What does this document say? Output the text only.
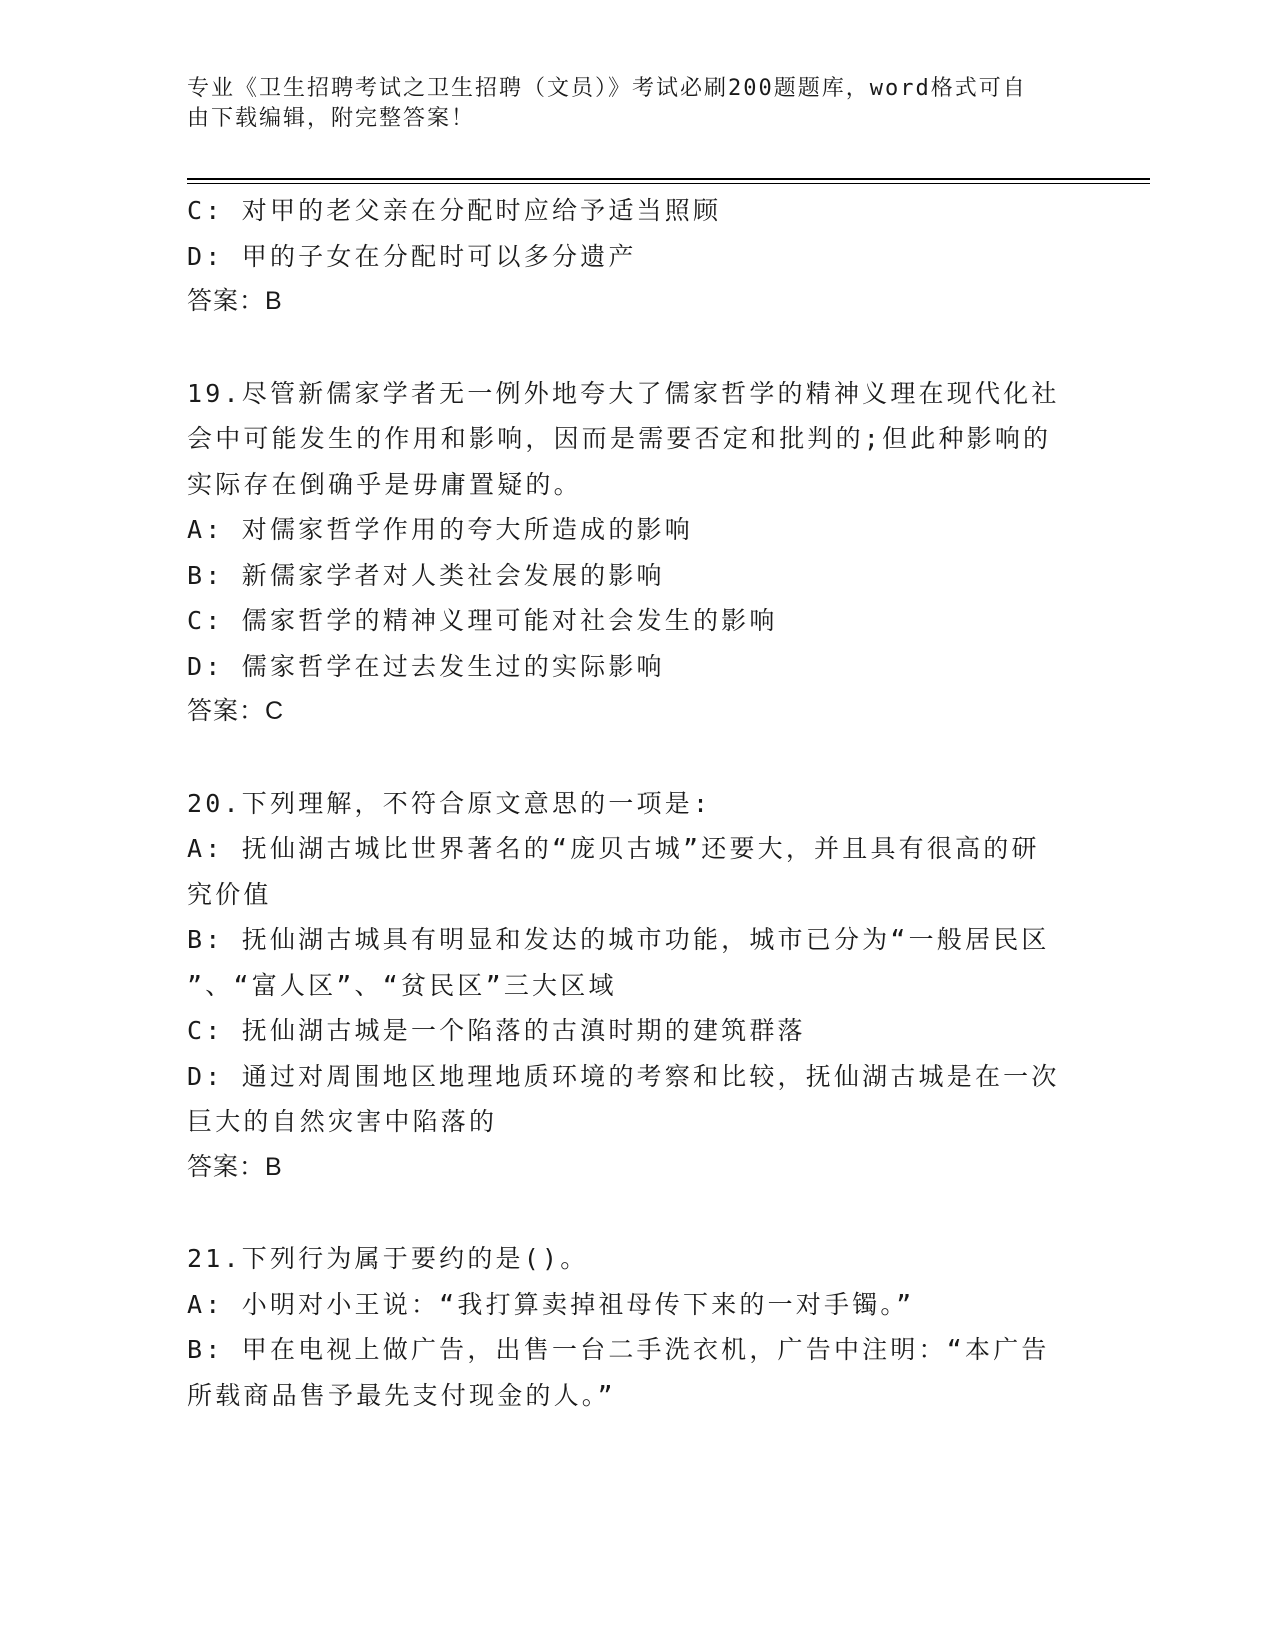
专业《卫生招聘考试之卫生招聘（文员）》考试必刷200题题库，word格式可自
由下载编辑，附完整答案！
C: 对甲的老父亲在分配时应给予适当照顾
D: 甲的子女在分配时可以多分遗产
答案：B
19.尽管新儒家学者无一例外地夸大了儒家哲学的精神义理在现代化社
会中可能发生的作用和影响，因而是需要否定和批判的;但此种影响的
实际存在倒确乎是毋庸置疑的。
A: 对儒家哲学作用的夸大所造成的影响
B: 新儒家学者对人类社会发展的影响
C: 儒家哲学的精神义理可能对社会发生的影响
D: 儒家哲学在过去发生过的实际影响
答案：C
20.下列理解，不符合原文意思的一项是:
A: 抚仙湖古城比世界著名的“庞贝古城”还要大，并且具有很高的研
究价值
B: 抚仙湖古城具有明显和发达的城市功能，城市已分为“一般居民区
”、“富人区”、“贫民区”三大区域
C: 抚仙湖古城是一个陷落的古滇时期的建筑群落
D: 通过对周围地区地理地质环境的考察和比较，抚仙湖古城是在一次
巨大的自然灾害中陷落的
答案：B
21.下列行为属于要约的是()。
A: 小明对小王说：“我打算卖掉祖母传下来的一对手镯。”
B: 甲在电视上做广告，出售一台二手洗衣机，广告中注明：“本广告
所载商品售予最先支付现金的人。”
